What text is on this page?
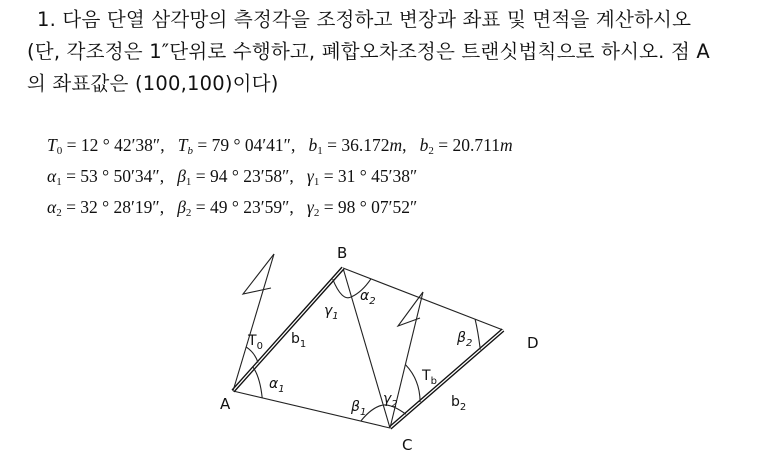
1. 다음 단열 삼각망의 측정각을 조정하고 변장과 좌표 및 면적을 계산하시오
(단, 각조정은 1″단위로 수행하고, 폐합오차조정은 트랜싯법칙으로 하시오. 점 A
의 좌표값은 (100,100)이다)
$T_0 = 12$ ° 42′38″, $T_b = 79$ ° 04′41″, $b_1 = 36.172m$, $b_2 = 20.711m$
$\alpha_1 = 53$ ° 50′34″, $\beta_1 = 94$ ° 23′58″, $\gamma_1 = 31$ ° 45′38″
$\alpha_2 = 32$ ° 28′19″, $\beta_2 = 49$ ° 23′59″, $\gamma_2 = 98$ ° 07′52″
A
B
C
D
$T_0$ $b_1$
$\alpha_1$
$\gamma_1$
$\alpha_2$
$\beta_2$
$T_b$
$b_2$
$\beta_1$
$\gamma_2$
